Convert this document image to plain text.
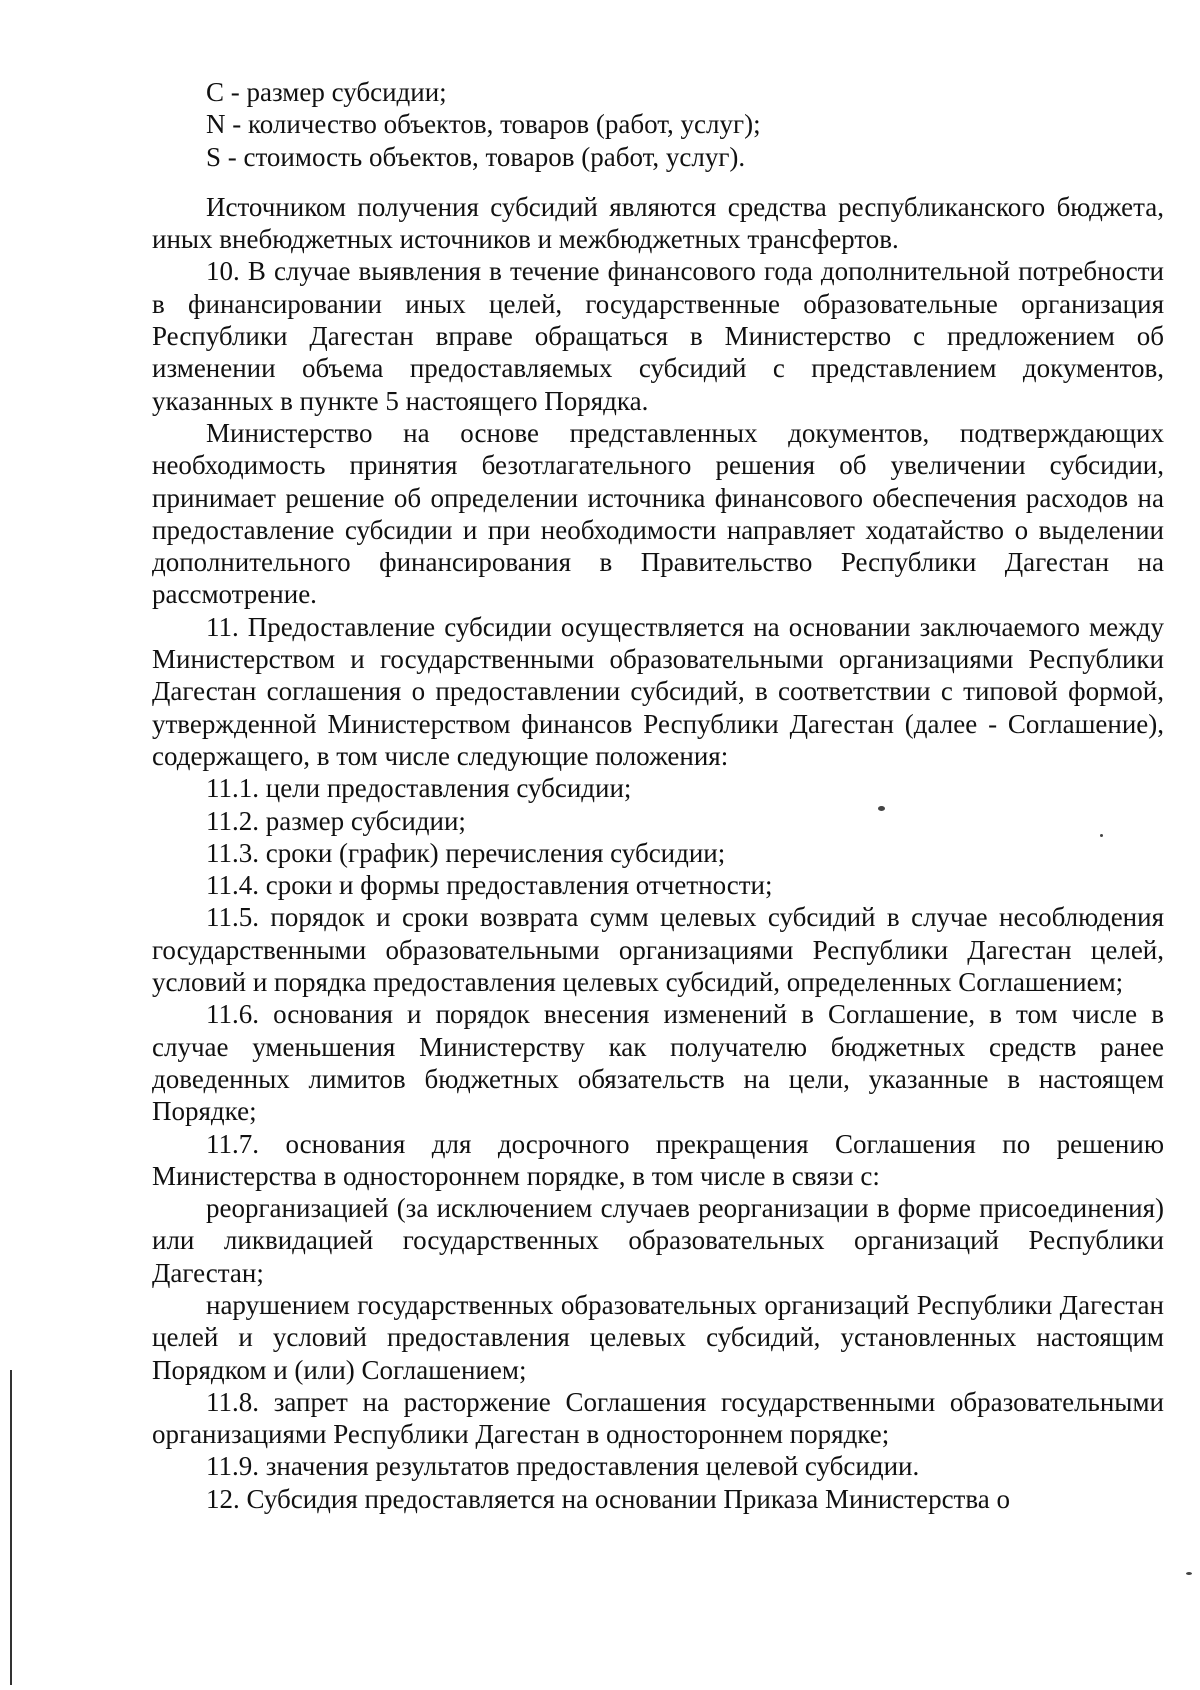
С - размер субсидии;

N - количество объектов, товаров (работ, услуг);

S - стоимость объектов, товаров (работ, услуг).

Источником получения субсидий являются средства республиканского бюджета, иных внебюджетных источников и межбюджетных трансфертов.

10. В случае выявления в течение финансового года дополнительной потребности в финансировании иных целей, государственные образовательные организация Республики Дагестан вправе обращаться в Министерство с предложением об изменении объема предоставляемых субсидий с представлением документов, указанных в пункте 5 настоящего Порядка.

Министерство на основе представленных документов, подтверждающих необходимость принятия безотлагательного решения об увеличении субсидии, принимает решение об определении источника финансового обеспечения расходов на предоставление субсидии и при необходимости направляет ходатайство о выделении дополнительного финансирования в Правительство Республики Дагестан на рассмотрение.

11. Предоставление субсидии осуществляется на основании заключаемого между Министерством и государственными образовательными организациями Республики Дагестан соглашения о предоставлении субсидий, в соответствии с типовой формой, утвержденной Министерством финансов Республики Дагестан (далее - Соглашение), содержащего, в том числе следующие положения:

11.1. цели предоставления субсидии;

11.2. размер субсидии;

11.3. сроки (график) перечисления субсидии;

11.4. сроки и формы предоставления отчетности;

11.5. порядок и сроки возврата сумм целевых субсидий в случае несоблюдения государственными образовательными организациями Республики Дагестан целей, условий и порядка предоставления целевых субсидий, определенных Соглашением;

11.6. основания и порядок внесения изменений в Соглашение, в том числе в случае уменьшения Министерству как получателю бюджетных средств ранее доведенных лимитов бюджетных обязательств на цели, указанные в настоящем Порядке;

11.7. основания для досрочного прекращения Соглашения по решению Министерства в одностороннем порядке, в том числе в связи с:

реорганизацией (за исключением случаев реорганизации в форме присоединения) или ликвидацией государственных образовательных организаций Республики Дагестан;

нарушением государственных образовательных организаций Республики Дагестан целей и условий предоставления целевых субсидий, установленных настоящим Порядком и (или) Соглашением;

11.8. запрет на расторжение Соглашения государственными образовательными организациями Республики Дагестан в одностороннем порядке;

11.9. значения результатов предоставления целевой субсидии.

12. Субсидия предоставляется на основании Приказа Министерства о
